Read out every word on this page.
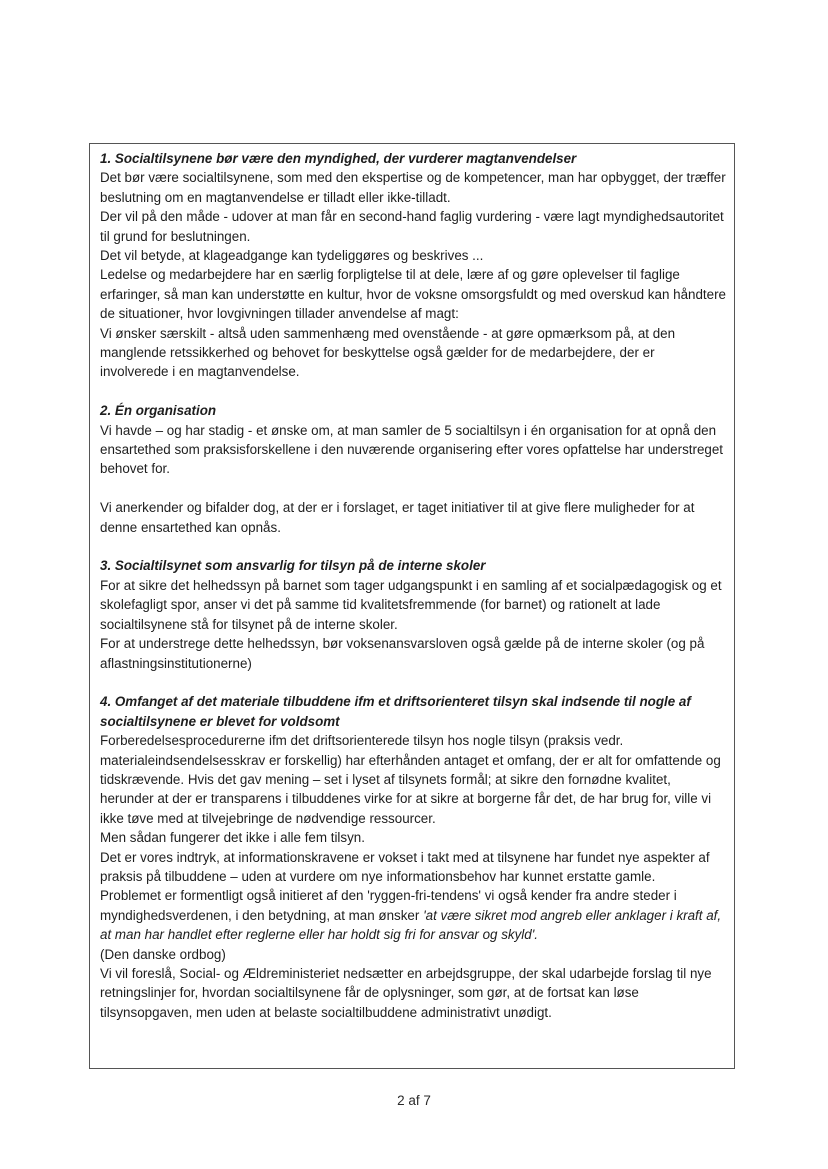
1. Socialtilsynene bør være den myndighed, der vurderer magtanvendelser

Det bør være socialtilsynene, som med den ekspertise og de kompetencer, man har opbygget, der træffer beslutning om en magtanvendelse er tilladt eller ikke-tilladt.

Der vil på den måde - udover at man får en second-hand faglig vurdering - være lagt myndighedsautoritet til grund for beslutningen.

Det vil betyde, at klageadgange kan tydeliggøres og beskrives ...

Ledelse og medarbejdere har en særlig forpligtelse til at dele, lære af og gøre oplevelser til faglige erfaringer, så man kan understøtte en kultur, hvor de voksne omsorgsfuldt og med overskud kan håndtere de situationer, hvor lovgivningen tillader anvendelse af magt:

Vi ønsker særskilt - altså uden sammenhæng med ovenstående - at gøre opmærksom på, at den manglende retssikkerhed og behovet for beskyttelse også gælder for de medarbejdere, der er involverede i en magtanvendelse.

2. Én organisation

Vi havde – og har stadig - et ønske om, at man samler de 5 socialtilsyn i én organisation for at opnå den ensartethed som praksisforskellene i den nuværende organisering efter vores opfattelse har understreget behovet for.

Vi anerkender og bifalder dog, at der er i forslaget, er taget initiativer til at give flere muligheder for at denne ensartethed kan opnås.

3. Socialtilsynet som ansvarlig for tilsyn på de interne skoler

For at sikre det helhedssyn på barnet som tager udgangspunkt i en samling af et socialpædagogisk og et skolefagligt spor, anser vi det på samme tid kvalitetsfremmende (for barnet) og rationelt at lade socialtilsynene stå for tilsynet på de interne skoler.

For at understrege dette helhedssyn, bør voksenansvarsloven også gælde på de interne skoler (og på aflastningsinstitutionerne)

4. Omfanget af det materiale tilbuddene ifm et driftsorienteret tilsyn skal indsende til nogle af socialtilsynene er blevet for voldsomt

Forberedelsesprocedurerne ifm det driftsorienterede tilsyn hos nogle tilsyn (praksis vedr. materialeindsendelsesskrav er forskellig) har efterhånden antaget et omfang, der er alt for omfattende og tidskrævende. Hvis det gav mening – set i lyset af tilsynets formål; at sikre den fornødne kvalitet, herunder at der er transparens i tilbuddenes virke for at sikre at borgerne får det, de har brug for, ville vi ikke tøve med at tilvejebringe de nødvendige ressourcer.

Men sådan fungerer det ikke i alle fem tilsyn.

Det er vores indtryk, at informationskravene er vokset i takt med at tilsynene har fundet nye aspekter af praksis på tilbuddene – uden at vurdere om nye informationsbehov har kunnet erstatte gamle.

Problemet er formentligt også initieret af den 'ryggen-fri-tendens' vi også kender fra andre steder i myndighedsverdenen, i den betydning, at man ønsker 'at være sikret mod angreb eller anklager i kraft af, at man har handlet efter reglerne eller har holdt sig fri for ansvar og skyld'.

(Den danske ordbog)

Vi vil foreslå, Social- og Ældreministeriet nedsætter en arbejdsgruppe, der skal udarbejde forslag til nye retningslinjer for, hvordan socialtilsynene får de oplysninger, som gør, at de fortsat kan løse tilsynsopgaven, men uden at belaste socialtilbuddene administrativt unødigt.

2 af 7
